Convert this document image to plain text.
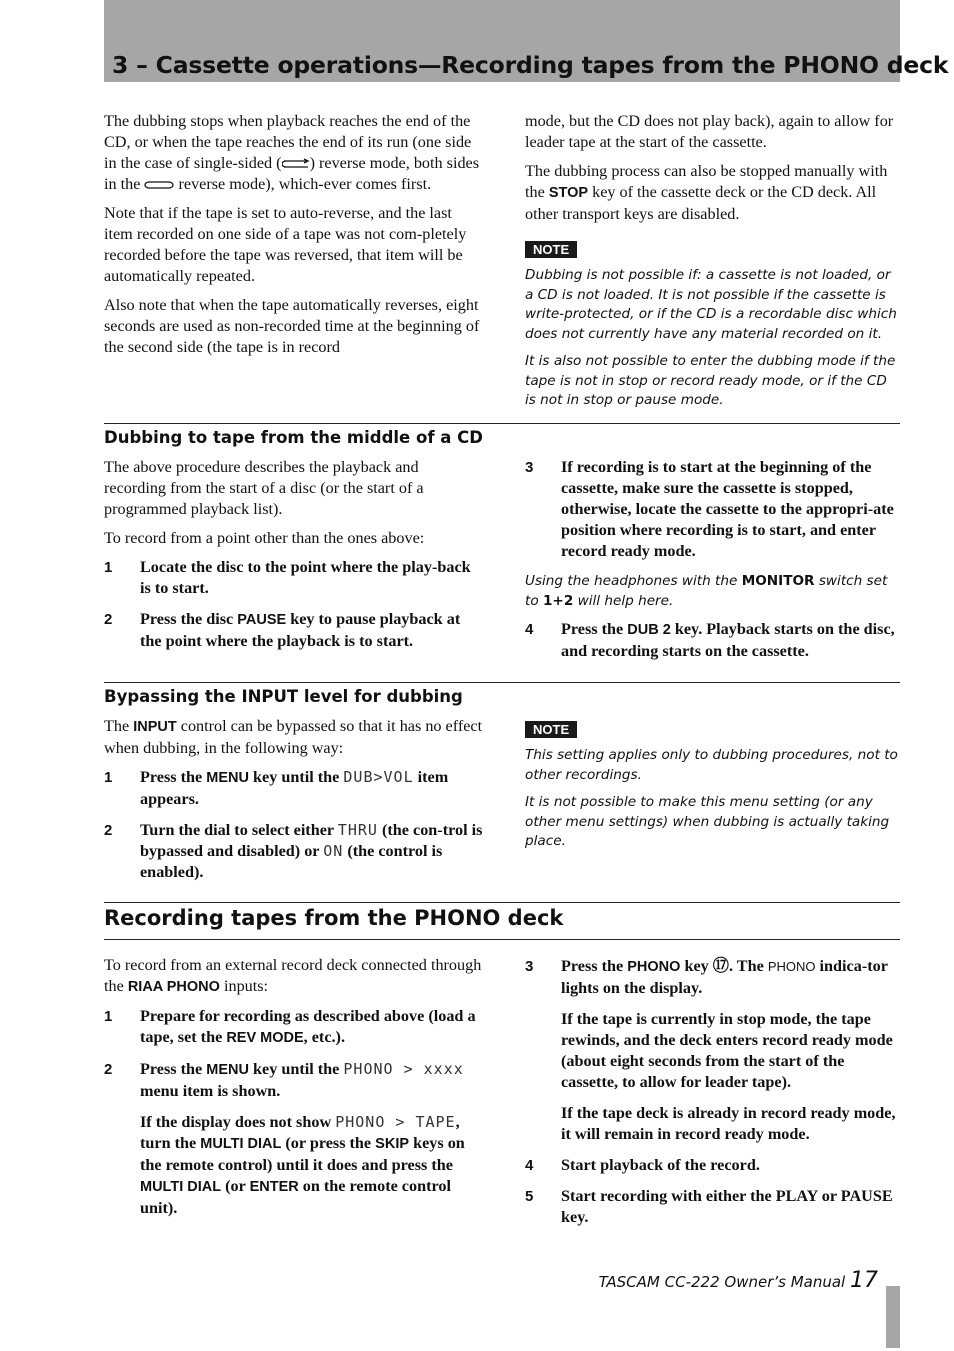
3 – Cassette operations—Recording tapes from the PHONO deck

The dubbing stops when playback reaches the end of the CD, or when the tape reaches the end of its run (one side in the case of single-sided ( ) reverse mode, both sides in the  reverse mode), which-ever comes first.

Note that if the tape is set to auto-reverse, and the last item recorded on one side of a tape was not com-pletely recorded before the tape was reversed, that item will be automatically repeated.

Also note that when the tape automatically reverses, eight seconds are used as non-recorded time at the beginning of the second side (the tape is in record

mode, but the CD does not play back), again to allow for leader tape at the start of the cassette.

The dubbing process can also be stopped manually with the STOP key of the cassette deck or the CD deck. All other transport keys are disabled.

NOTE

Dubbing is not possible if: a cassette is not loaded, or a CD is not loaded. It is not possible if the cassette is write-protected, or if the CD is a recordable disc which does not currently have any material recorded on it.

It is also not possible to enter the dubbing mode if the tape is not in stop or record ready mode, or if the CD is not in stop or pause mode.

Dubbing to tape from the middle of a CD

The above procedure describes the playback and recording from the start of a disc (or the start of a programmed playback list).

To record from a point other than the ones above:

1	Locate the disc to the point where the play-back is to start.
2	Press the disc PAUSE key to pause playback at the point where the playback is to start.
3	If recording is to start at the beginning of the cassette, make sure the cassette is stopped, otherwise, locate the cassette to the appropri-ate position where recording is to start, and enter record ready mode.

Using the headphones with the MONITOR switch set to 1+2 will help here.

4	Press the DUB 2 key. Playback starts on the disc, and recording starts on the cassette.
Bypassing the INPUT level for dubbing

The INPUT control can be bypassed so that it has no effect when dubbing, in the following way:

1	Press the MENU key until the DUB>VOL item appears.
2	Turn the dial to select either THRU (the con-trol is bypassed and disabled) or ON (the control is enabled).
NOTE

This setting applies only to dubbing procedures, not to other recordings.

It is not possible to make this menu setting (or any other menu settings) when dubbing is actually taking place.

Recording tapes from the PHONO deck

To record from an external record deck connected through the RIAA PHONO inputs:

1	Prepare for recording as described above (load a tape, set the REV MODE, etc.).
2	Press the MENU key until the PHONO > xxxx menu item is shown.

If the display does not show PHONO > TAPE, turn the MULTI DIAL (or press the SKIP keys on the remote control) until it does and press the MULTI DIAL (or ENTER on the remote control unit).

3	Press the PHONO key ⑰. The PHONO indica-tor lights on the display.

If the tape is currently in stop mode, the tape rewinds, and the deck enters record ready mode (about eight seconds from the start of the cassette, to allow for leader tape).

If the tape deck is already in record ready mode, it will remain in record ready mode.

4	Start playback of the record.
5	Start recording with either the PLAY or PAUSE key.
TASCAM CC-222 Owner’s Manual 17
